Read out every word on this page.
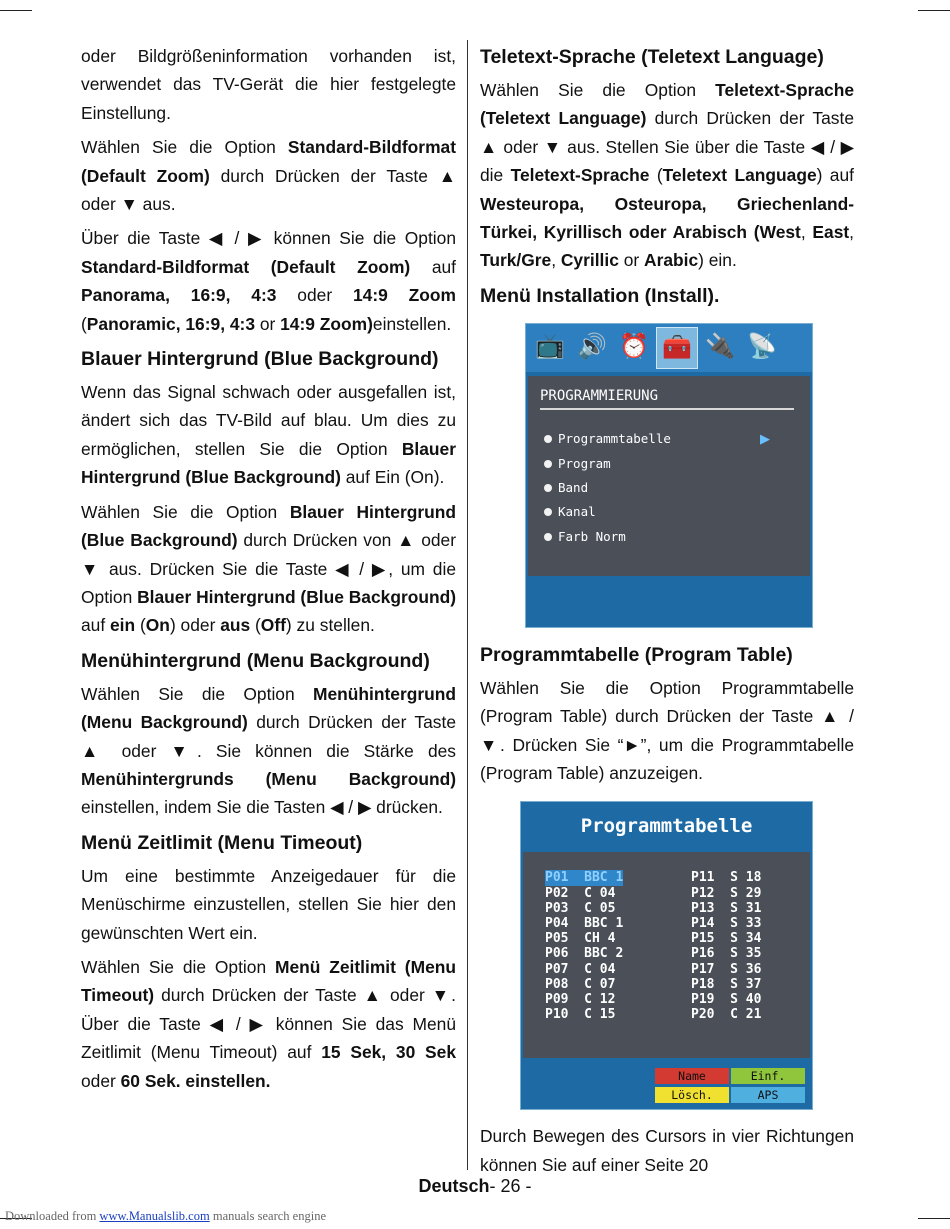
oder Bildgrößeninformation vorhanden ist, verwendet das TV-Gerät die hier festgelegte Einstellung.

Wählen Sie die Option Standard-Bildformat (Default Zoom) durch Drücken der Taste ▲ oder ▼ aus.

Über die Taste ◀ / ▶ können Sie die Option Standard-Bildformat (Default Zoom) auf Panorama, 16:9, 4:3 oder 14:9 Zoom (Panoramic, 16:9, 4:3 or 14:9 Zoom)einstellen.

Blauer Hintergrund (Blue Background)

Wenn das Signal schwach oder ausgefallen ist, ändert sich das TV-Bild auf blau. Um dies zu ermöglichen, stellen Sie die Option Blauer Hintergrund (Blue Background) auf Ein (On).

Wählen Sie die Option Blauer Hintergrund (Blue Background) durch Drücken von ▲ oder ▼ aus. Drücken Sie die Taste ◀ / ▶, um die Option Blauer Hintergrund (Blue Background) auf ein (On) oder aus (Off) zu stellen.

Menühintergrund (Menu Background)

Wählen Sie die Option Menühintergrund (Menu Background) durch Drücken der Taste ▲ oder ▼. Sie können die Stärke des Menühintergrunds (Menu Background) einstellen, indem Sie die Tasten ◀ / ▶ drücken.

Menü Zeitlimit (Menu Timeout)

Um eine bestimmte Anzeigedauer für die Menüschirme einzustellen, stellen Sie hier den gewünschten Wert ein.

Wählen Sie die Option Menü Zeitlimit (Menu Timeout) durch Drücken der Taste ▲ oder ▼. Über die Taste ◀ / ▶ können Sie das Menü Zeitlimit (Menu Timeout) auf 15 Sek, 30 Sek oder 60 Sek. einstellen.

Teletext-Sprache (Teletext Language)

Wählen Sie die Option Teletext-Sprache (Teletext Language) durch Drücken der Taste ▲ oder ▼ aus. Stellen Sie über die Taste ◀ / ▶ die Teletext-Sprache (Teletext Language) auf Westeuropa, Osteuropa, Griechenland-Türkei, Kyrillisch oder Arabisch (West, East, Turk/Gre, Cyrillic or Arabic) ein.

Menü Installation (Install).
📺 🔊 ⏰ 🧰 🔌 📡
PROGRAMMIERUNG
Programmtabelle	▶
Program
Band
Kanal
Farb Norm
Programmtabelle (Program Table)

Wählen Sie die Option Programmtabelle (Program Table) durch Drücken der Taste ▲ / ▼. Drücken Sie “►”, um die Programmtabelle (Program Table) anzuzeigen.

Programmtabelle
P01 BBC 1
P02 C 04
P03 C 05
P04 BBC 1
P05 CH 4
P06 BBC 2
P07 C 04
P08 C 07
P09 C 12
P10 C 15
P11 S 18
P12 S 29
P13 S 31
P14 S 33
P15 S 34
P16 S 35
P17 S 36
P18 S 37
P19 S 40
P20 C 21
Name	Einf.
Lösch.	APS

Durch Bewegen des Cursors in vier Richtungen können Sie auf einer Seite 20

Deutsch- 26 -
Downloaded from www.Manualslib.com manuals search engine
